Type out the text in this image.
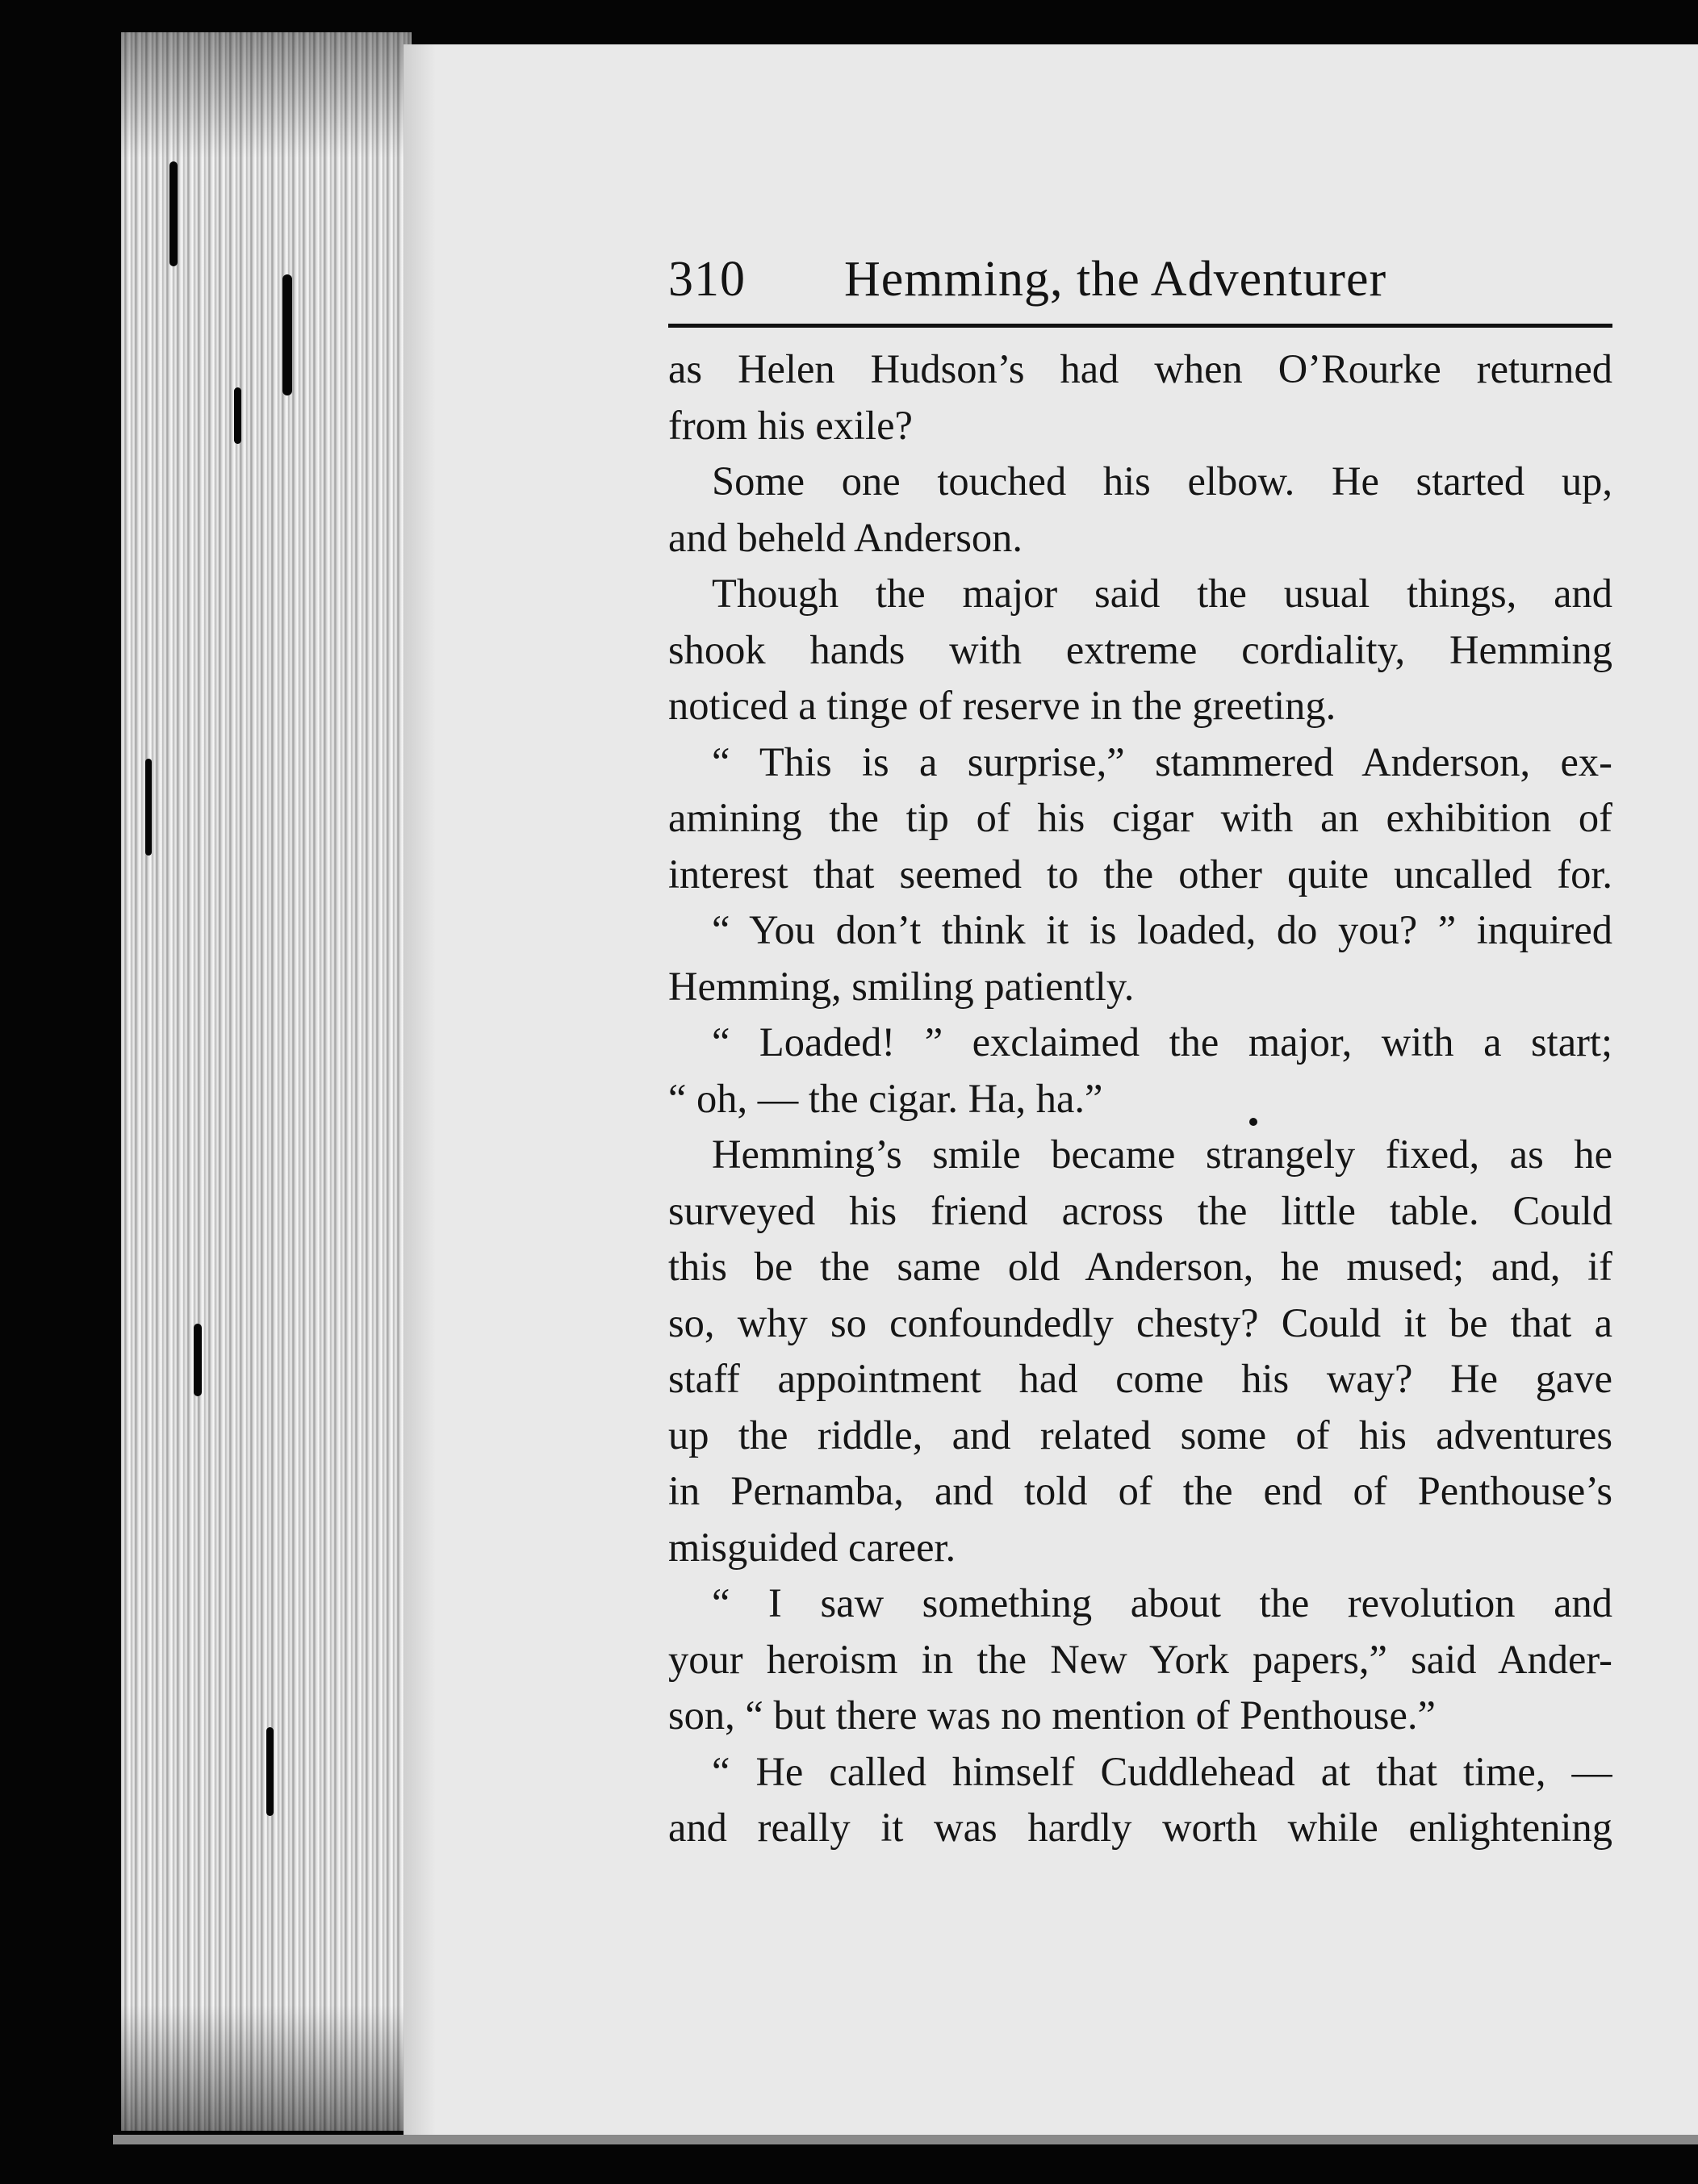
310 Hemming, the Adventurer
as Helen Hudson’s had when O’Rourke returned
from his exile?
Some one touched his elbow. He started up,
and beheld Anderson.
Though the major said the usual things, and
shook hands with extreme cordiality, Hemming
noticed a tinge of reserve in the greeting.
“ This is a surprise,” stammered Anderson, ex-
amining the tip of his cigar with an exhibition of
interest that seemed to the other quite uncalled for.
“ You don’t think it is loaded, do you? ” inquired
Hemming, smiling patiently.
“ Loaded! ” exclaimed the major, with a start;
“ oh, — the cigar. Ha, ha.”
Hemming’s smile became strangely fixed, as he
surveyed his friend across the little table. Could
this be the same old Anderson, he mused; and, if
so, why so confoundedly chesty? Could it be that a
staff appointment had come his way? He gave
up the riddle, and related some of his adventures
in Pernamba, and told of the end of Penthouse’s
misguided career.
“ I saw something about the revolution and
your heroism in the New York papers,” said Ander-
son, “ but there was no mention of Penthouse.”
“ He called himself Cuddlehead at that time, —
and really it was hardly worth while enlightening
